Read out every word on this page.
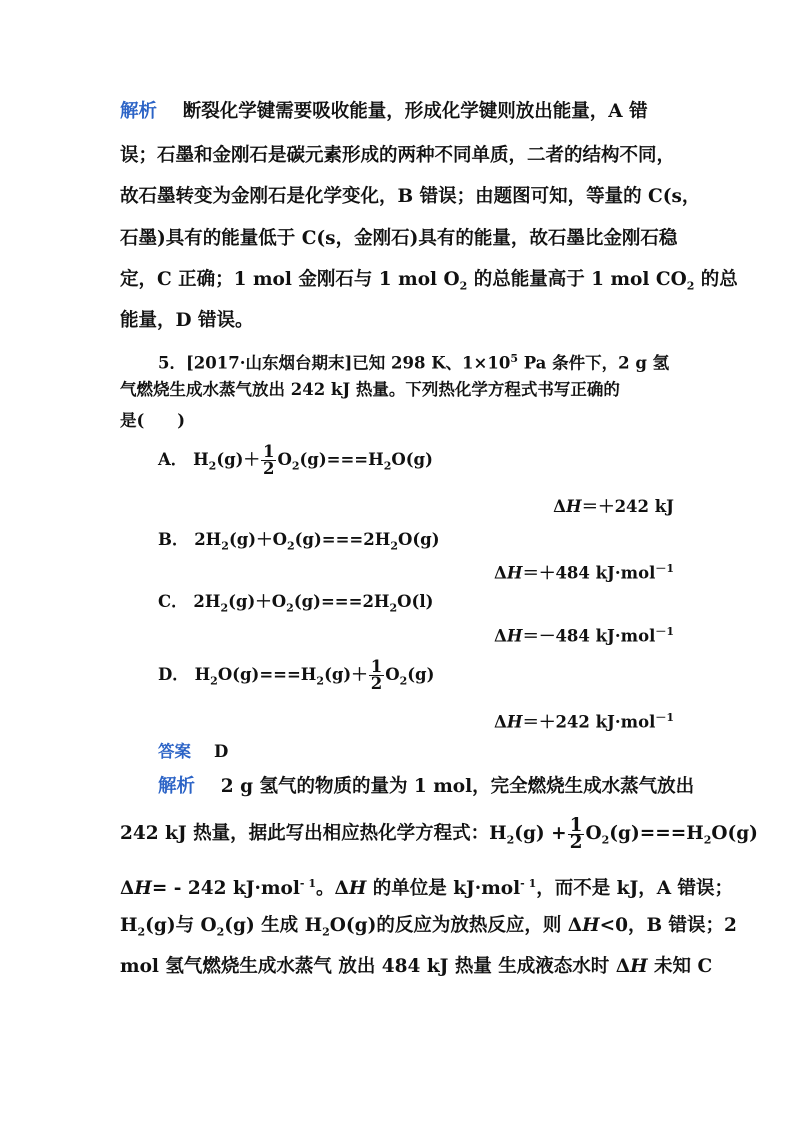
解析 断裂化学键需要吸收能量，形成化学键则放出能量，A 错
误；石墨和金刚石是碳元素形成的两种不同单质，二者的结构不同，
故石墨转变为金刚石是化学变化，B 错误；由题图可知，等量的 C(s，
石墨)具有的能量低于 C(s，金刚石)具有的能量，故石墨比金刚石稳
定，C 正确；1 mol 金刚石与 1 mol $O_2$ 的总能量高于 1 mol $CO_2$ 的总
能量，D 错误。
5．[2017·山东烟台期末]已知 298 K、$1\times 10^5$ Pa 条件下，2 g 氢
气燃烧生成水蒸气放出 242 kJ 热量。下列热化学方程式书写正确的
是(　　)
A． $H_2(g)+ \frac{1}{2} O_2(g)===H_2O(g)$
ΔH＝＋242 kJ
B． $2H_2(g)+O_2(g)===2H_2O(g)$
ΔH＝＋484 kJ·mol$^{-1}$
C． $2H_2(g)+O_2(g)===2H_2O(l)$
ΔH＝－484 kJ·mol$^{-1}$
D． $H_2O(g)===H_2(g)+ \frac{1}{2} O_2(g)$
ΔH＝＋242 kJ·mol$^{-1}$
答案 D
解析 2 g 氢气的物质的量为 1 mol，完全燃烧生成水蒸气放出
242 kJ 热量，据此写出相应热化学方程式：$H_2(g) + \frac{1}{2} O_2(g)===H_2O(g)$
ΔH= - 242 kJ·mol$^{- 1}$。ΔH 的单位是 kJ·mol$^{- 1}$，而不是 kJ，A 错误；
$H_2(g)$与 $O_2(g)$ 生成 $H_2O(g)$的反应为放热反应，则 ΔH<0，B 错误；2
mol 氢气燃烧生成水蒸气 放出 484 kJ 热量 生成液态水时 ΔH 未知 C
